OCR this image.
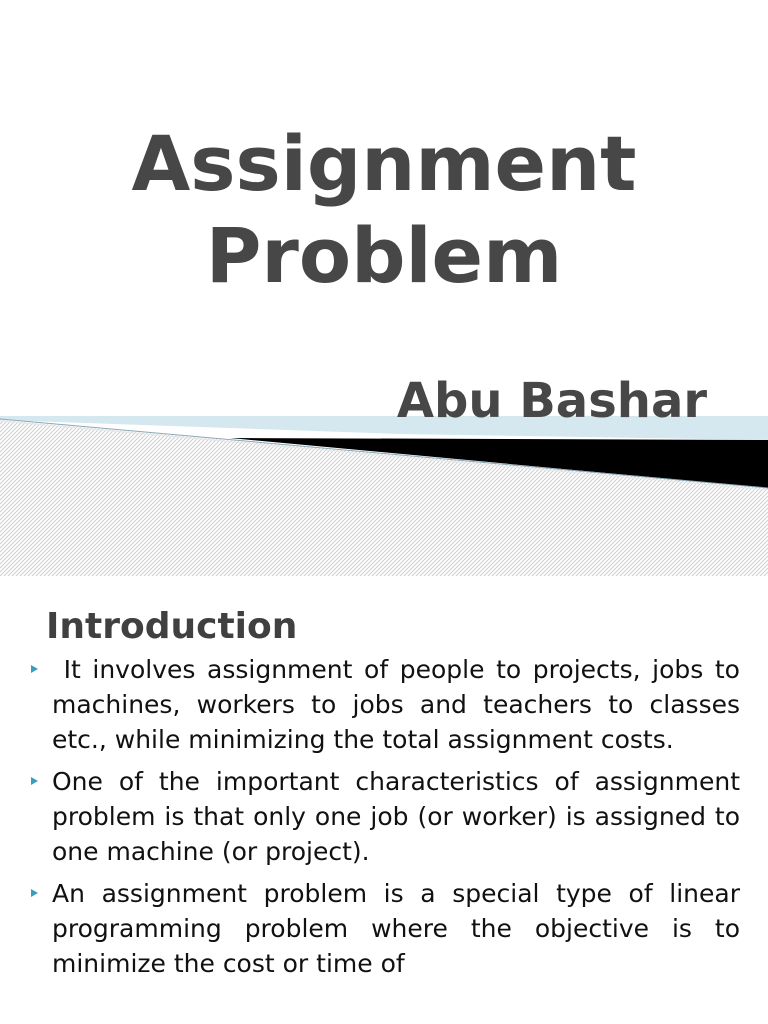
Assignment
Problem

Abu Bashar

Introduction
It involves assignment of people to projects, jobs to machines, workers to jobs and teachers to classes etc., while minimizing the total assignment costs.
One of the important characteristics of assignment problem is that only one job (or worker) is assigned to one machine (or project).
An assignment problem is a special type of linear programming problem where the objective is to minimize the cost or time of
